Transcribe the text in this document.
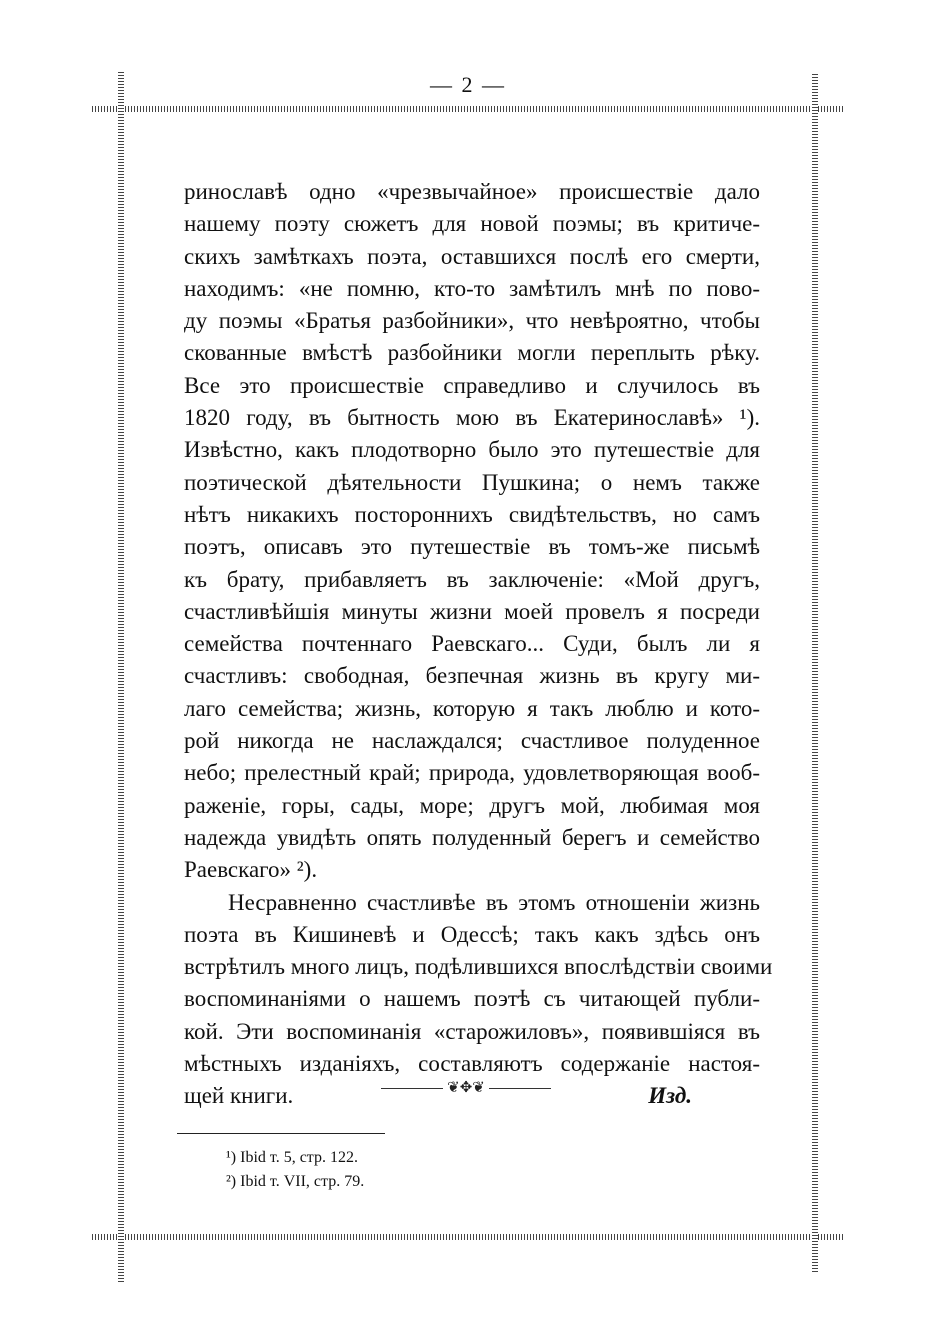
— 2 —
ринославѣ одно «чрезвычайное» происшествіе дало
нашему поэту сюжетъ для новой поэмы; въ критиче-
скихъ замѣткахъ поэта, оставшихся послѣ его смерти,
находимъ: «не помню, кто-то замѣтилъ мнѣ по пово-
ду поэмы «Братья разбойники», что невѣроятно, чтобы
скованные вмѣстѣ разбойники могли переплыть рѣку.
Все это происшествіе справедливо и случилось въ
1820 году, въ бытность мою въ Екатеринославѣ» ¹).
Извѣстно, какъ плодотворно было это путешествіе для
поэтической дѣятельности Пушкина; о немъ также
нѣтъ никакихъ постороннихъ свидѣтельствъ, но самъ
поэтъ, описавъ это путешествіе въ томъ-же письмѣ
къ брату, прибавляетъ въ заключеніе: «Мой другъ,
счастливѣйшія минуты жизни моей провелъ я посреди
семейства почтеннаго Раевскаго... Суди, былъ ли я
счастливъ: свободная, безпечная жизнь въ кругу ми-
лаго семейства; жизнь, которую я такъ люблю и кото-
рой никогда не наслаждался; счастливое полуденное
небо; прелестный край; природа, удовлетворяющая вооб-
раженіе, горы, сады, море; другъ мой, любимая моя
надежда увидѣть опять полуденный берегъ и семейство
Раевскаго» ²).
Несравненно счастливѣе въ этомъ отношеніи жизнь
поэта въ Кишиневѣ и Одессѣ; такъ какъ здѣсь онъ
встрѣтилъ много лицъ, подѣлившихся впослѣдствіи своими
воспоминаніями о нашемъ поэтѣ съ читающей публи-
кой. Эти воспоминанія «старожиловъ», появившіяся въ
мѣстныхъ изданіяхъ, составляютъ содержаніе настоя-
щей книги.	Изд.
❦✥❦
¹) Ibid т. 5, стр. 122.
²) Ibid т. VII, стр. 79.
